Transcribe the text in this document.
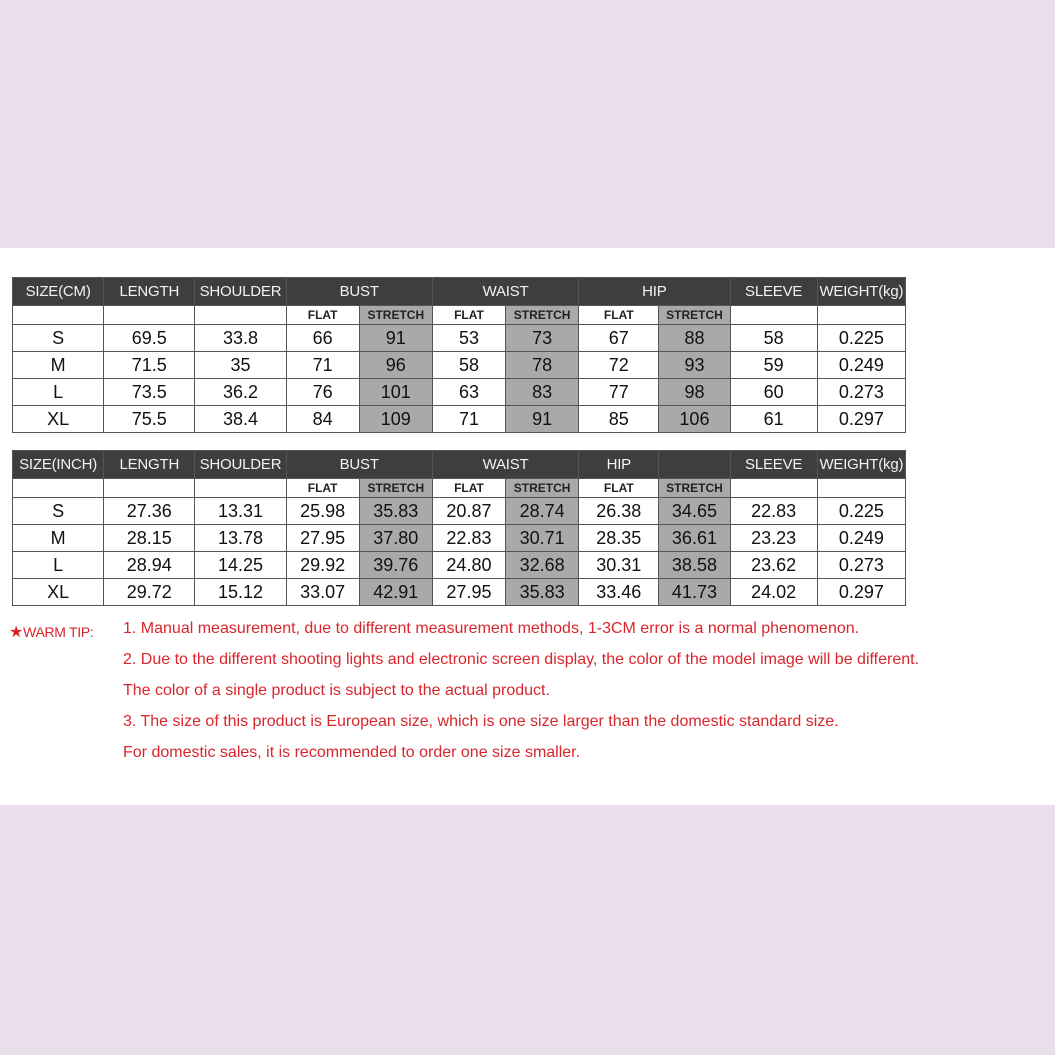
SIZE(CM)	LENGTH	SHOULDER	BUST		WAIST		HIP		SLEEVE	WEIGHT(kg)
			FLAT	STRETCH	FLAT	STRETCH	FLAT	STRETCH		
S	69.5	33.8	66	91	53	73	67	88	58	0.225
M	71.5	35	71	96	58	78	72	93	59	0.249
L	73.5	36.2	76	101	63	83	77	98	60	0.273
XL	75.5	38.4	84	109	71	91	85	106	61	0.297
SIZE(INCH)	LENGTH	SHOULDER	BUST		WAIST		HIP		SLEEVE	WEIGHT(kg)
			FLAT	STRETCH	FLAT	STRETCH	FLAT	STRETCH		
S	27.36	13.31	25.98	35.83	20.87	28.74	26.38	34.65	22.83	0.225
M	28.15	13.78	27.95	37.80	22.83	30.71	28.35	36.61	23.23	0.249
L	28.94	14.25	29.92	39.76	24.80	32.68	30.31	38.58	23.62	0.273
XL	29.72	15.12	33.07	42.91	27.95	35.83	33.46	41.73	24.02	0.297
★WARM TIP: 1. Manual measurement, due to different measurement methods, 1-3CM error is a normal phenomenon.
2. Due to the different shooting lights and electronic screen display, the color of the model image will be different.
The color of a single product is subject to the actual product.
3. The size of this product is European size, which is one size larger than the domestic standard size.
For domestic sales, it is recommended to order one size smaller.
